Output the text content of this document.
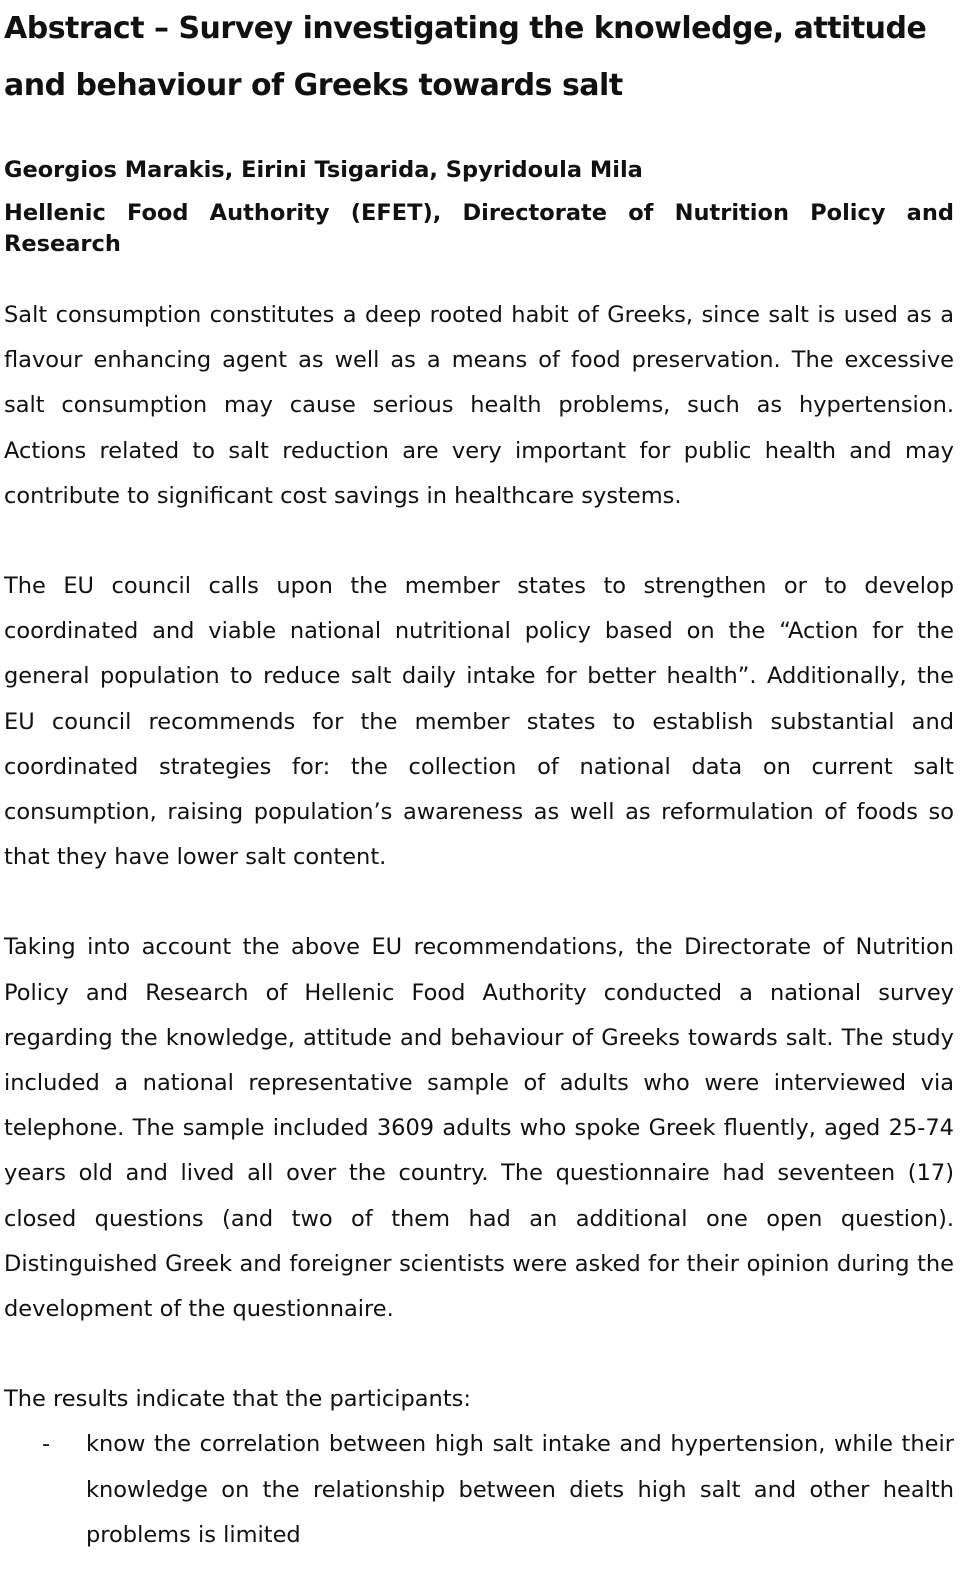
Abstract – Survey investigating the knowledge, attitude and behaviour of Greeks towards salt

Georgios Marakis, Eirini Tsigarida, Spyridoula Mila

Hellenic Food Authority (EFET), Directorate of Nutrition Policy and Research

Salt consumption constitutes a deep rooted habit of Greeks, since salt is used as a flavour enhancing agent as well as a means of food preservation. The excessive salt consumption may cause serious health problems, such as hypertension. Actions related to salt reduction are very important for public health and may contribute to significant cost savings in healthcare systems.

The EU council calls upon the member states to strengthen or to develop coordinated and viable national nutritional policy based on the “Action for the general population to reduce salt daily intake for better health”. Additionally, the EU council recommends for the member states to establish substantial and coordinated strategies for: the collection of national data on current salt consumption, raising population’s awareness as well as reformulation of foods so that they have lower salt content.

Taking into account the above EU recommendations, the Directorate of Nutrition Policy and Research of Hellenic Food Authority conducted a national survey regarding the knowledge, attitude and behaviour of Greeks towards salt. The study included a national representative sample of adults who were interviewed via telephone. The sample included 3609 adults who spoke Greek fluently, aged 25-74 years old and lived all over the country. The questionnaire had seventeen (17) closed questions (and two of them had an additional one open question). Distinguished Greek and foreigner scientists were asked for their opinion during the development of the questionnaire.

The results indicate that the participants:

- know the correlation between high salt intake and hypertension, while their knowledge on the relationship between diets high salt and other health problems is limited
